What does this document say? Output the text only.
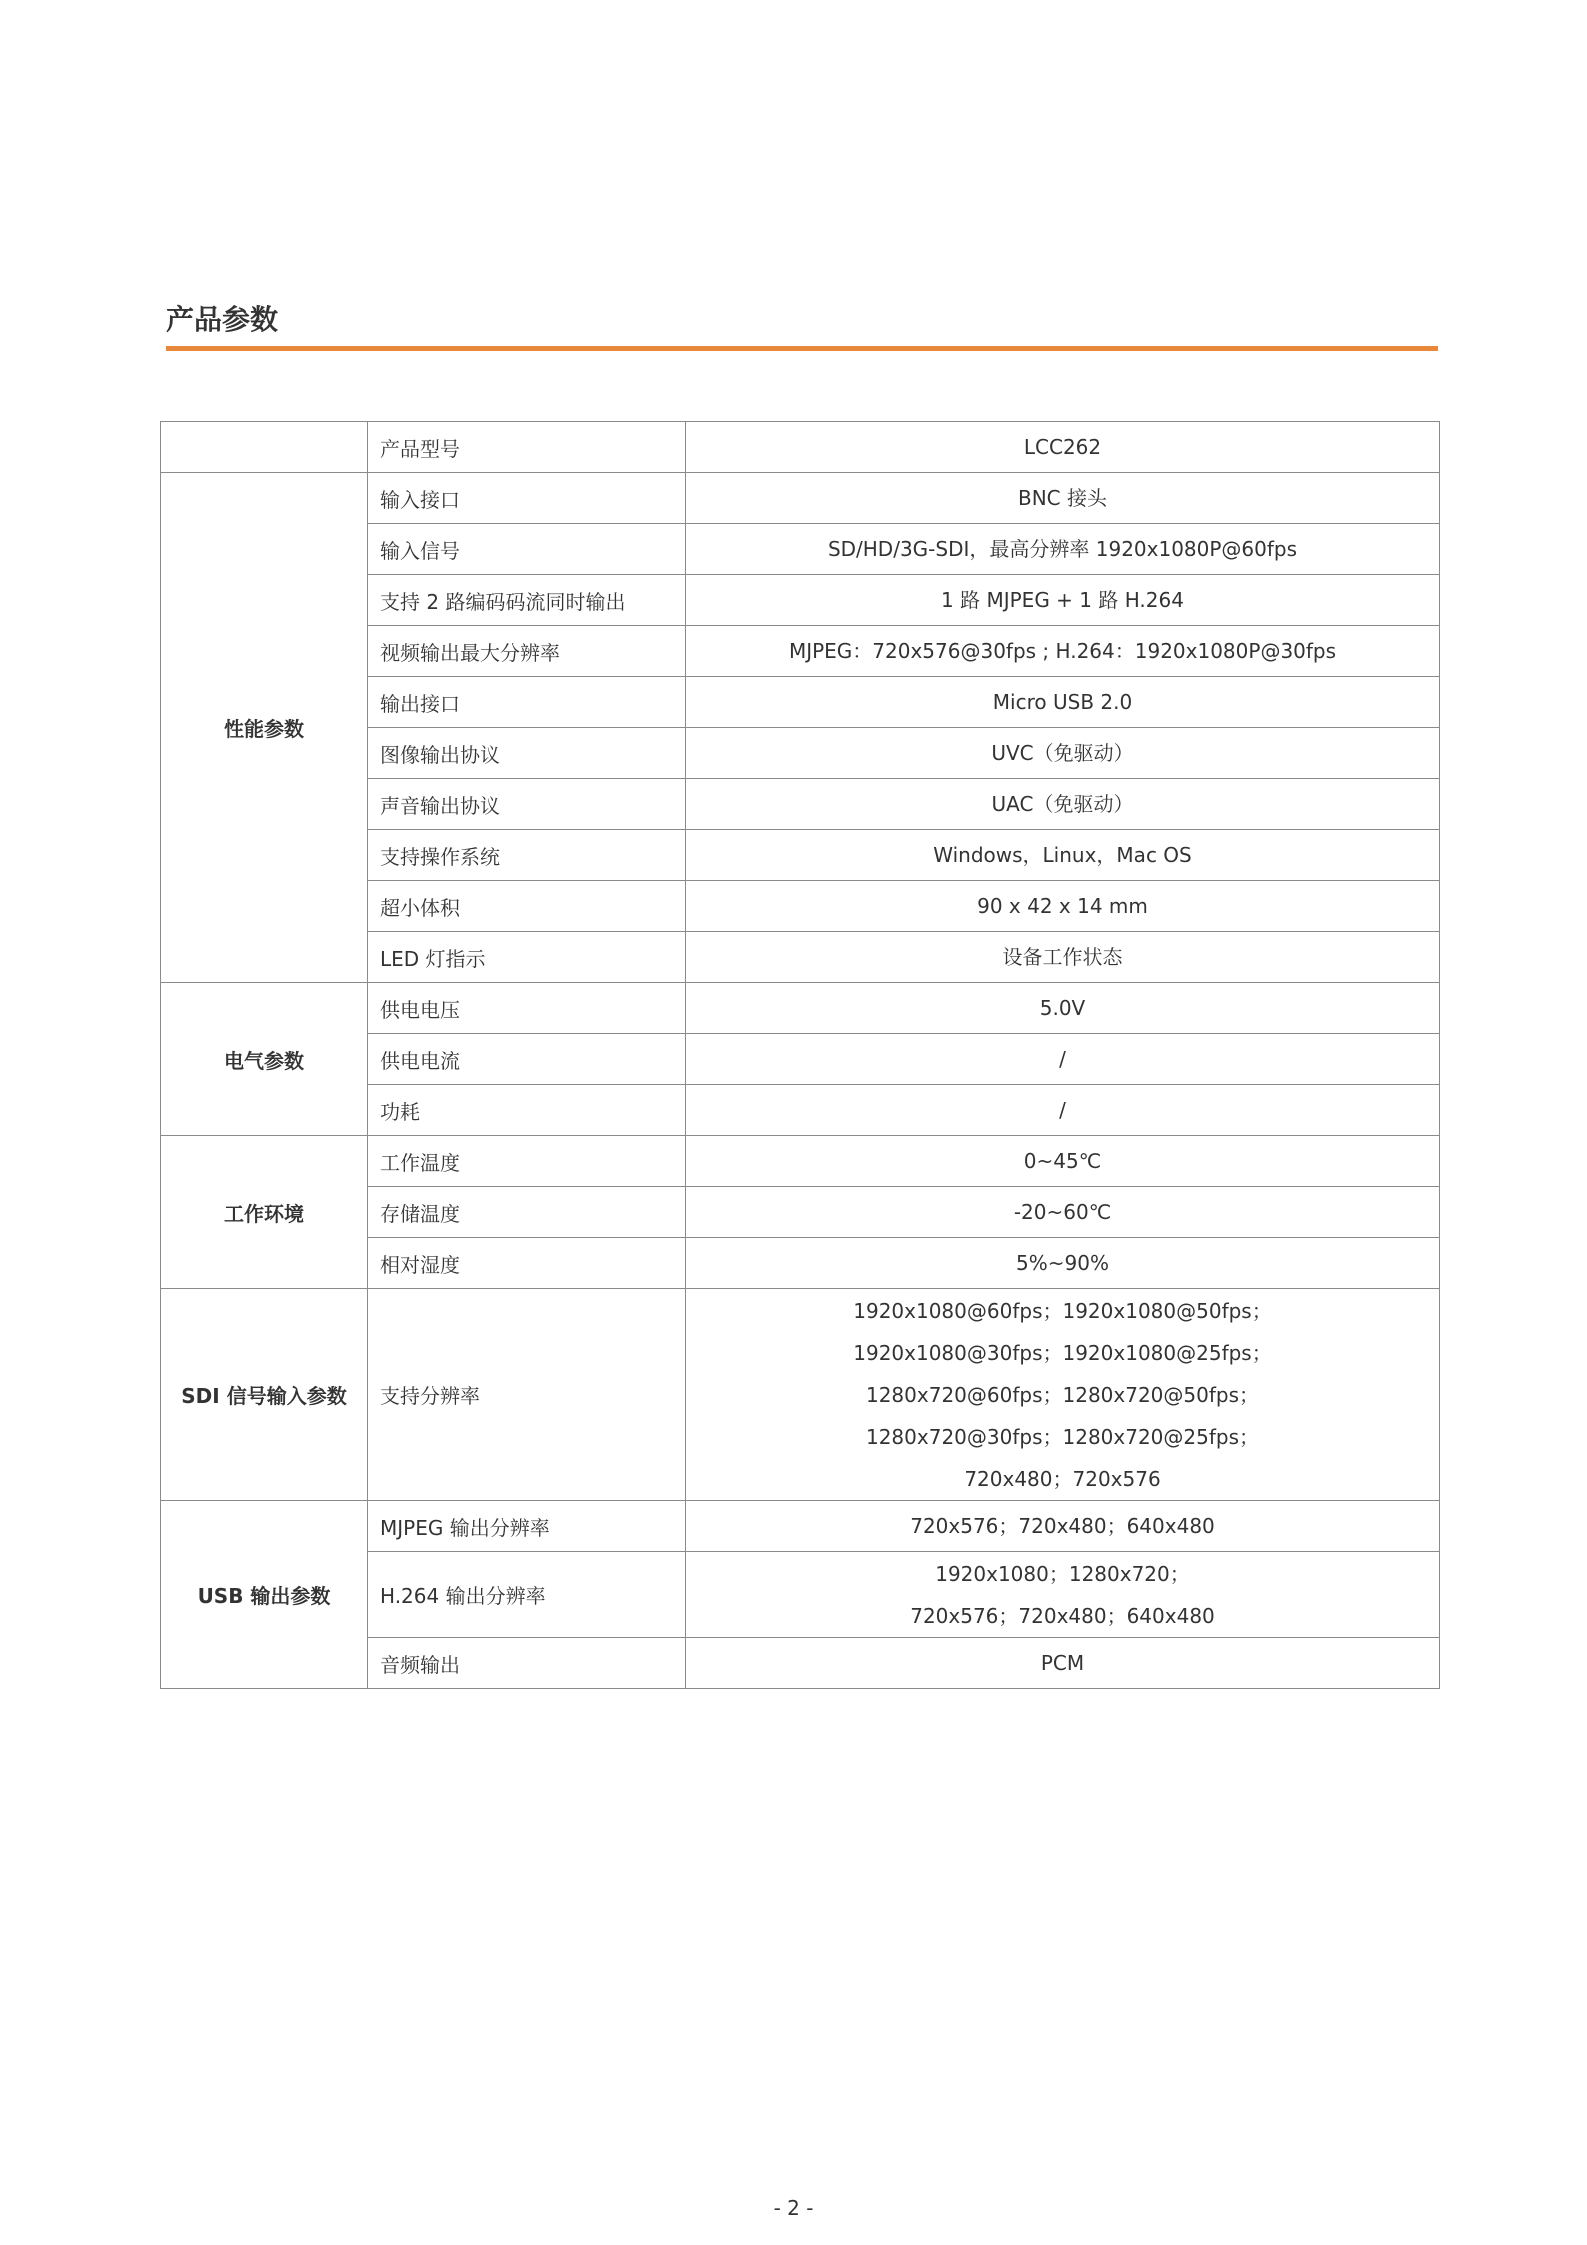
产品参数
	产品型号	LCC262
性能参数	输入接口	BNC 接头

	输入信号	SD/HD/3G-SDI，最高分辨率 1920x1080P@60fps

	支持 2 路编码码流同时输出	1 路 MJPEG + 1 路 H.264

	视频输出最大分辨率	MJPEG：720x576@30fps ; H.264：1920x1080P@30fps

	输出接口	Micro USB 2.0

	图像输出协议	UVC（免驱动）

	声音输出协议	UAC（免驱动）

	支持操作系统	Windows，Linux，Mac OS

	超小体积	90 x 42 x 14 mm

	LED 灯指示	设备工作状态

电气参数	供电电压	5.0V

	供电电流	/

	功耗	/

工作环境	工作温度	0~45℃

	存储温度	-20~60℃

	相对湿度	5%~90%

SDI 信号输入参数	支持分辨率	1920x1080@60fps；1920x1080@50fps；
1920x1080@30fps；1920x1080@25fps；
1280x720@60fps；1280x720@50fps；
1280x720@30fps；1280x720@25fps；
720x480；720x576

USB 输出参数	MJPEG 输出分辨率	720x576；720x480；640x480

	H.264 输出分辨率	1920x1080；1280x720；
720x576；720x480；640x480

	音频输出	PCM
- 2 -
